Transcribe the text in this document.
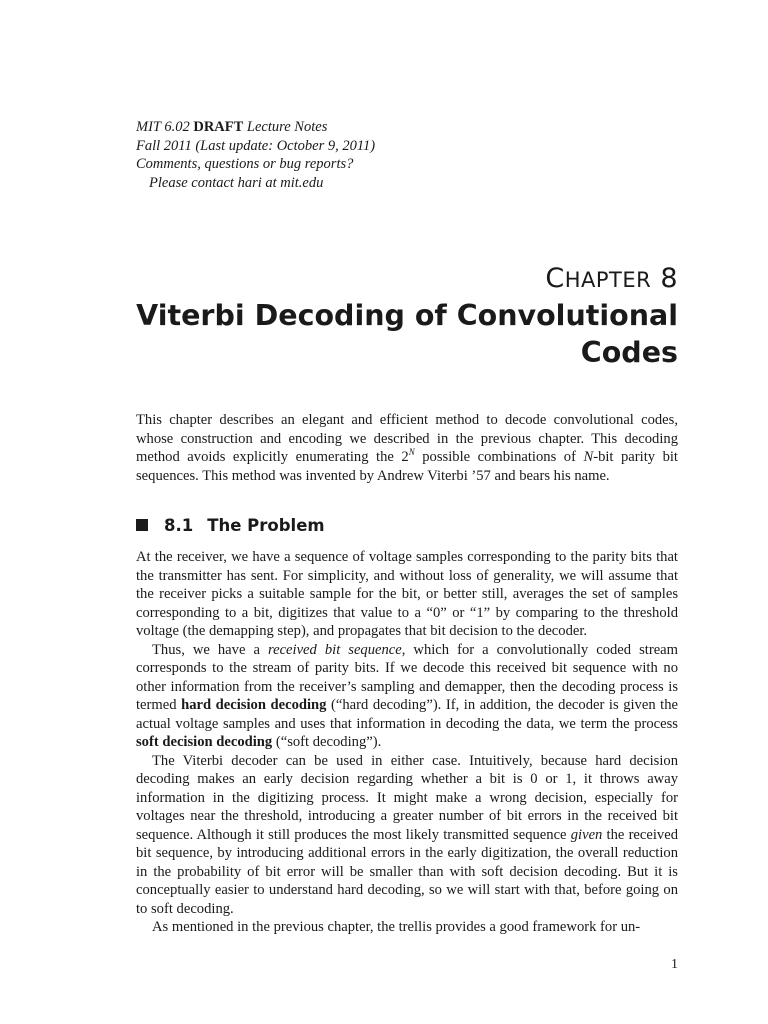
MIT 6.02 DRAFT Lecture Notes
Fall 2011 (Last update: October 9, 2011)
Comments, questions or bug reports?
Please contact hari at mit.edu
CHAPTER 8
Viterbi Decoding of Convolutional
Codes

This chapter describes an elegant and efficient method to decode convolutional codes, whose construction and encoding we described in the previous chapter. This decoding method avoids explicitly enumerating the $2^N$ possible combinations of N-bit parity bit sequences. This method was invented by Andrew Viterbi ’57 and bears his name.

8.1 The Problem

At the receiver, we have a sequence of voltage samples corresponding to the parity bits that the transmitter has sent. For simplicity, and without loss of generality, we will assume that the receiver picks a suitable sample for the bit, or better still, averages the set of samples corresponding to a bit, digitizes that value to a “0” or “1” by comparing to the threshold voltage (the demapping step), and propagates that bit decision to the decoder.

Thus, we have a received bit sequence, which for a convolutionally coded stream corresponds to the stream of parity bits. If we decode this received bit sequence with no other information from the receiver’s sampling and demapper, then the decoding process is termed hard decision decoding (“hard decoding”). If, in addition, the decoder is given the actual voltage samples and uses that information in decoding the data, we term the process soft decision decoding (“soft decoding”).

The Viterbi decoder can be used in either case. Intuitively, because hard decision decoding makes an early decision regarding whether a bit is 0 or 1, it throws away information in the digitizing process. It might make a wrong decision, especially for voltages near the threshold, introducing a greater number of bit errors in the received bit sequence. Although it still produces the most likely transmitted sequence given the received bit sequence, by introducing additional errors in the early digitization, the overall reduction in the probability of bit error will be smaller than with soft decision decoding. But it is conceptually easier to understand hard decoding, so we will start with that, before going on to soft decoding.

As mentioned in the previous chapter, the trellis provides a good framework for un-

1
